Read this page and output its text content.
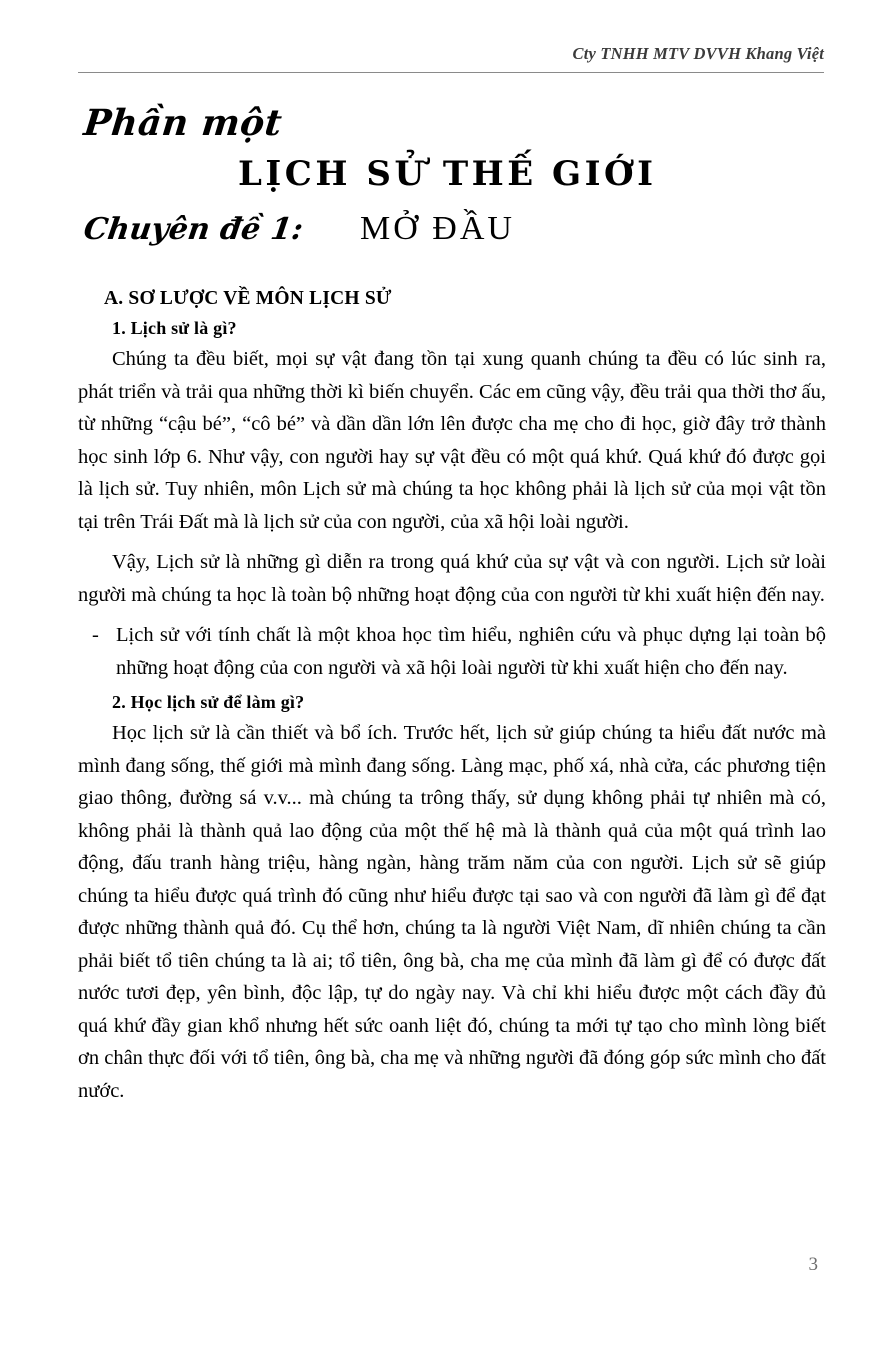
Cty TNHH MTV DVVH Khang Việt
Phần một
LỊCH SỬ THẾ GIỚI
Chuyên đề 1: MỞ ĐẦU
A. SƠ LƯỢC VỀ MÔN LỊCH SỬ
1. Lịch sử là gì?

Chúng ta đều biết, mọi sự vật đang tồn tại xung quanh chúng ta đều có lúc sinh ra, phát triển và trải qua những thời kì biến chuyển. Các em cũng vậy, đều trải qua thời thơ ấu, từ những “cậu bé”, “cô bé” và dần dần lớn lên được cha mẹ cho đi học, giờ đây trở thành học sinh lớp 6. Như vậy, con người hay sự vật đều có một quá khứ. Quá khứ đó được gọi là lịch sử. Tuy nhiên, môn Lịch sử mà chúng ta học không phải là lịch sử của mọi vật tồn tại trên Trái Đất mà là lịch sử của con người, của xã hội loài người.

Vậy, Lịch sử là những gì diễn ra trong quá khứ của sự vật và con người. Lịch sử loài người mà chúng ta học là toàn bộ những hoạt động của con người từ khi xuất hiện đến nay.

- Lịch sử với tính chất là một khoa học tìm hiểu, nghiên cứu và phục dựng lại toàn bộ những hoạt động của con người và xã hội loài người từ khi xuất hiện cho đến nay.

2. Học lịch sử để làm gì?

Học lịch sử là cần thiết và bổ ích. Trước hết, lịch sử giúp chúng ta hiểu đất nước mà mình đang sống, thế giới mà mình đang sống. Làng mạc, phố xá, nhà cửa, các phương tiện giao thông, đường sá v.v... mà chúng ta trông thấy, sử dụng không phải tự nhiên mà có, không phải là thành quả lao động của một thế hệ mà là thành quả của một quá trình lao động, đấu tranh hàng triệu, hàng ngàn, hàng trăm năm của con người. Lịch sử sẽ giúp chúng ta hiểu được quá trình đó cũng như hiểu được tại sao và con người đã làm gì để đạt được những thành quả đó. Cụ thể hơn, chúng ta là người Việt Nam, dĩ nhiên chúng ta cần phải biết tổ tiên chúng ta là ai; tổ tiên, ông bà, cha mẹ của mình đã làm gì để có được đất nước tươi đẹp, yên bình, độc lập, tự do ngày nay. Và chỉ khi hiểu được một cách đầy đủ quá khứ đầy gian khổ nhưng hết sức oanh liệt đó, chúng ta mới tự tạo cho mình lòng biết ơn chân thực đối với tổ tiên, ông bà, cha mẹ và những người đã đóng góp sức mình cho đất nước.

3
